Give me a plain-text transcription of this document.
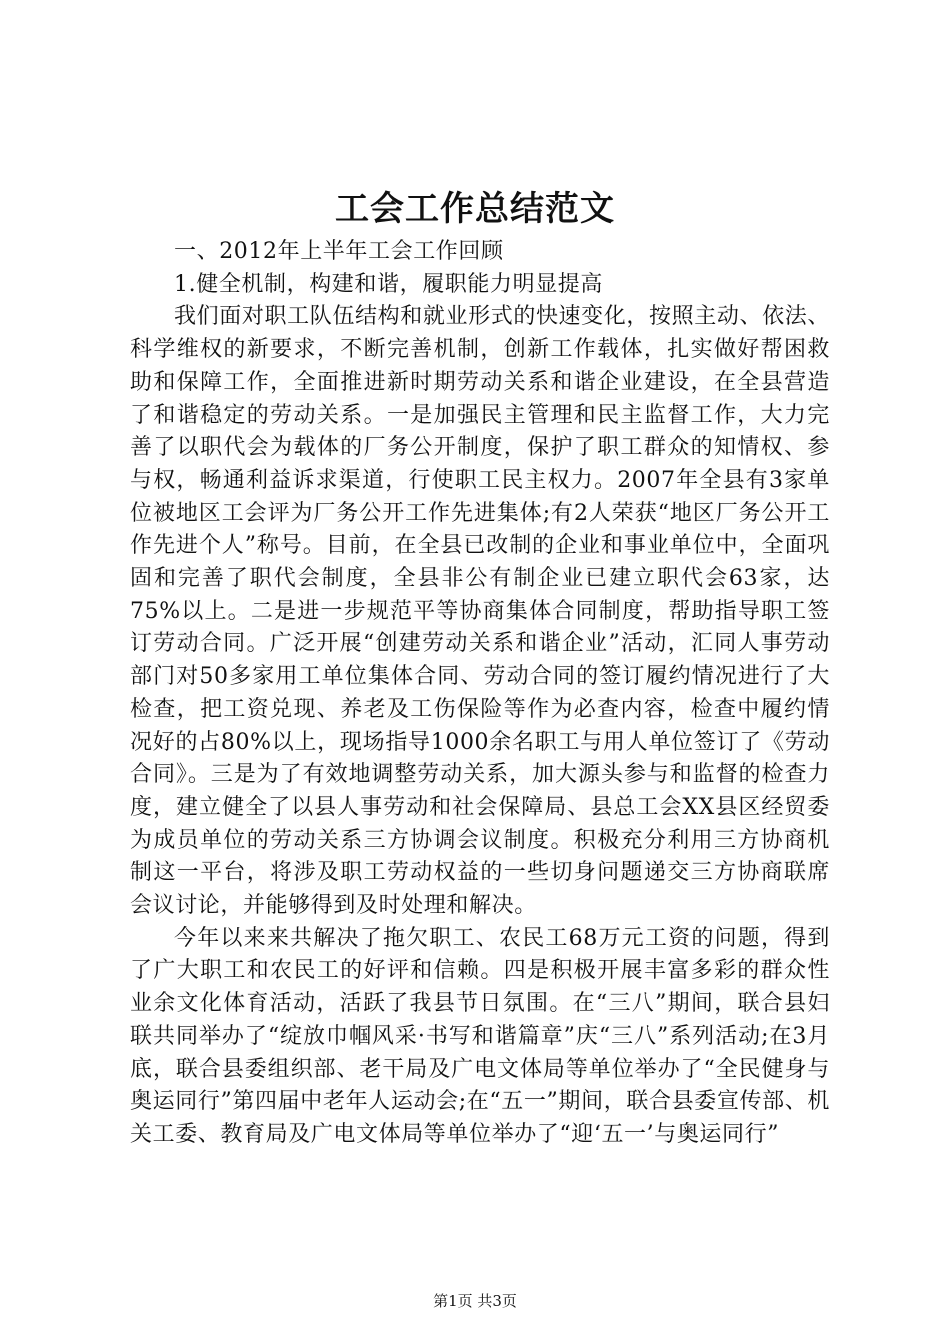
工会工作总结范文

一、2012年上半年工会工作回顾

1.健全机制，构建和谐，履职能力明显提高

我们面对职工队伍结构和就业形式的快速变化，按照主动、依法、科学维权的新要求，不断完善机制，创新工作载体，扎实做好帮困救助和保障工作，全面推进新时期劳动关系和谐企业建设，在全县营造了和谐稳定的劳动关系。一是加强民主管理和民主监督工作，大力完善了以职代会为载体的厂务公开制度，保护了职工群众的知情权、参与权，畅通利益诉求渠道，行使职工民主权力。2007年全县有3家单位被地区工会评为厂务公开工作先进集体;有2人荣获“地区厂务公开工作先进个人”称号。目前，在全县已改制的企业和事业单位中，全面巩固和完善了职代会制度，全县非公有制企业已建立职代会63家，达75%以上。二是进一步规范平等协商集体合同制度，帮助指导职工签订劳动合同。广泛开展“创建劳动关系和谐企业”活动，汇同人事劳动部门对50多家用工单位集体合同、劳动合同的签订履约情况进行了大检查，把工资兑现、养老及工伤保险等作为必查内容，检查中履约情况好的占80%以上，现场指导1000余名职工与用人单位签订了《劳动合同》。三是为了有效地调整劳动关系，加大源头参与和监督的检查力度，建立健全了以县人事劳动和社会保障局、县总工会XX县区经贸委为成员单位的劳动关系三方协调会议制度。积极充分利用三方协商机制这一平台，将涉及职工劳动权益的一些切身问题递交三方协商联席会议讨论，并能够得到及时处理和解决。

今年以来来共解决了拖欠职工、农民工68万元工资的问题，得到了广大职工和农民工的好评和信赖。四是积极开展丰富多彩的群众性业余文化体育活动，活跃了我县节日氛围。在“三八”期间，联合县妇联共同举办了“绽放巾帼风采·书写和谐篇章”庆“三八”系列活动;在3月底，联合县委组织部、老干局及广电文体局等单位举办了“全民健身与奥运同行”第四届中老年人运动会;在“五一”期间，联合县委宣传部、机关工委、教育局及广电文体局等单位举办了“迎‘五一’与奥运同行”

第1页 共3页
